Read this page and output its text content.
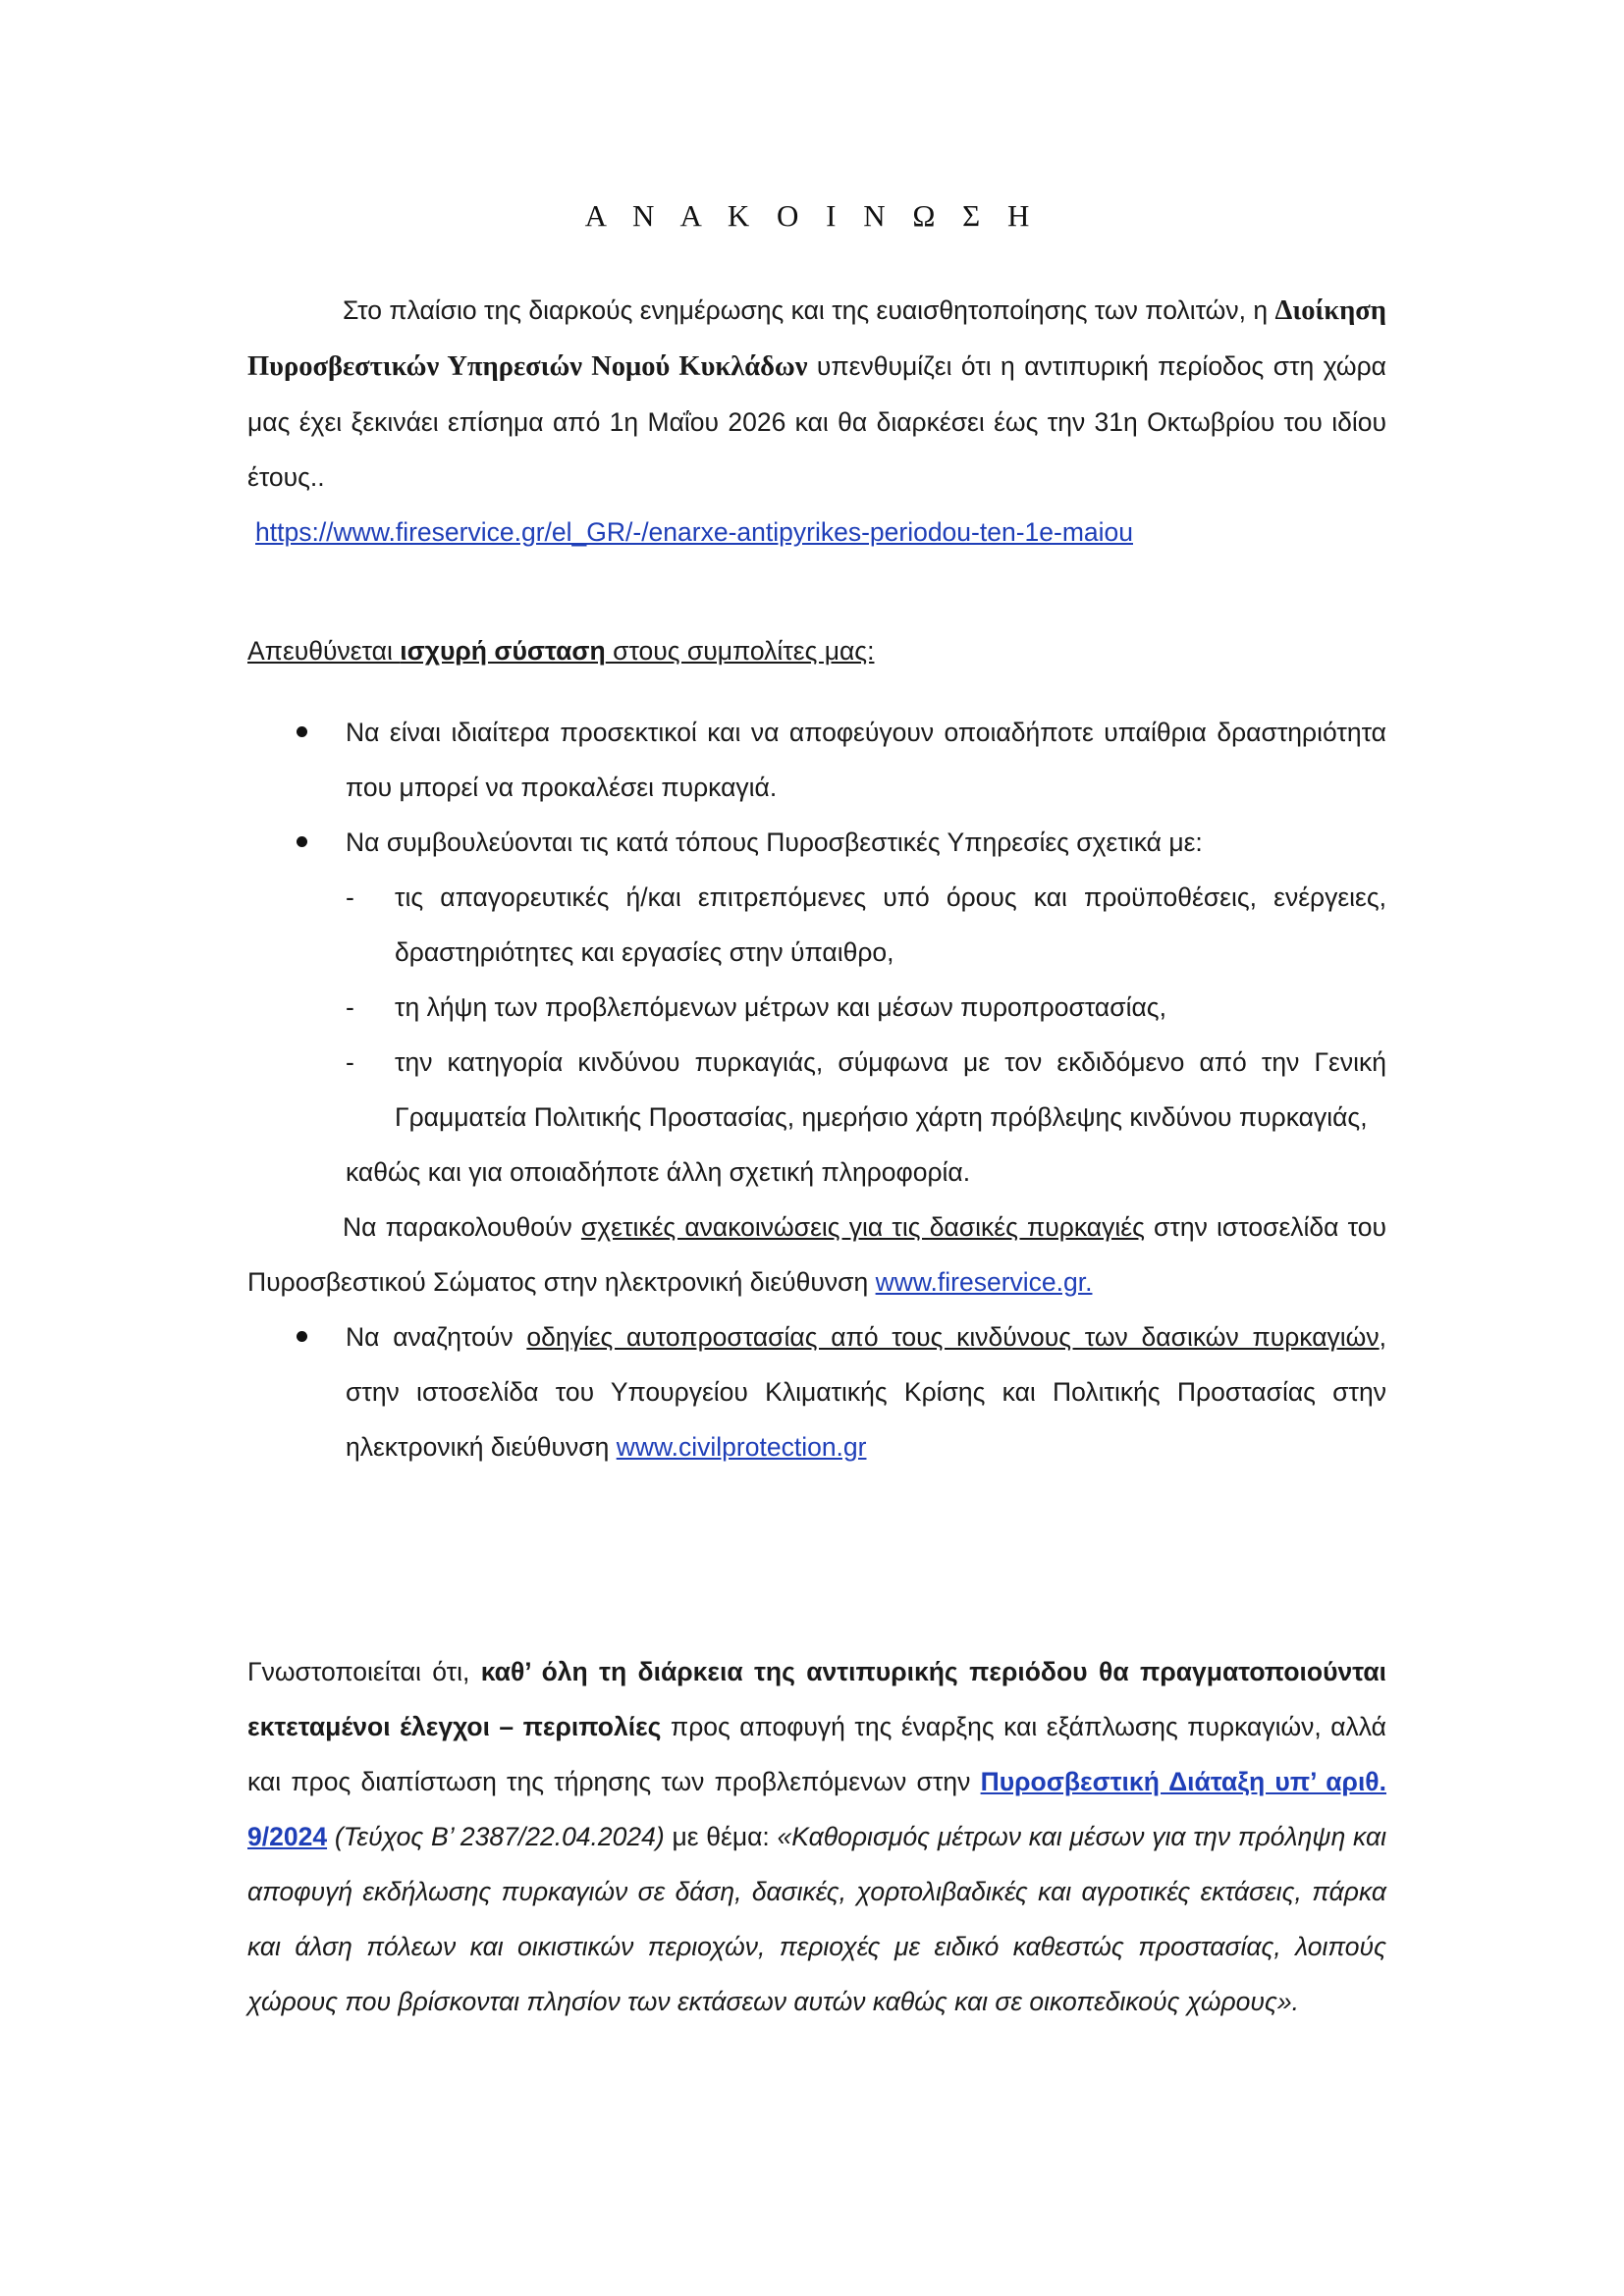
Α Ν Α Κ Ο Ι Ν Ω Σ Η

Στο πλαίσιο της διαρκούς ενημέρωσης και της ευαισθητοποίησης των πολιτών, η Διοίκηση Πυροσβεστικών Υπηρεσιών Νομού Κυκλάδων υπενθυμίζει ότι η αντιπυρική περίοδος στη χώρα μας έχει ξεκινάει επίσημα από 1η Μαΐου 2026 και θα διαρκέσει έως την 31η Οκτωβρίου του ιδίου έτους..

https://www.fireservice.gr/el_GR/-/enarxe-antipyrikes-periodou-ten-1e-maiou
Απευθύνεται ισχυρή σύσταση στους συμπολίτες μας:
Να είναι ιδιαίτερα προσεκτικοί και να αποφεύγουν οποιαδήποτε υπαίθρια δραστηριότητα που μπορεί να προκαλέσει πυρκαγιά.
Να συμβουλεύονται τις κατά τόπους Πυροσβεστικές Υπηρεσίες σχετικά με:
- τις απαγορευτικές ή/και επιτρεπόμενες υπό όρους και προϋποθέσεις, ενέργειες, δραστηριότητες και εργασίες στην ύπαιθρο,
- τη λήψη των προβλεπόμενων μέτρων και μέσων πυροπροστασίας,
- την κατηγορία κινδύνου πυρκαγιάς, σύμφωνα με τον εκδιδόμενο από την Γενική Γραμματεία Πολιτικής Προστασίας, ημερήσιο χάρτη πρόβλεψης κινδύνου πυρκαγιάς,
καθώς και για οποιαδήποτε άλλη σχετική πληροφορία.

Να παρακολουθούν σχετικές ανακοινώσεις για τις δασικές πυρκαγιές στην ιστοσελίδα του Πυροσβεστικού Σώματος στην ηλεκτρονική διεύθυνση www.fireservice.gr.

Να αναζητούν οδηγίες αυτοπροστασίας από τους κινδύνους των δασικών πυρκαγιών, στην ιστοσελίδα του Υπουργείου Κλιματικής Κρίσης και Πολιτικής Προστασίας στην ηλεκτρονική διεύθυνση www.civilprotection.gr

Γνωστοποιείται ότι, καθ’ όλη τη διάρκεια της αντιπυρικής περιόδου θα πραγματοποιούνται εκτεταμένοι έλεγχοι – περιπολίες προς αποφυγή της έναρξης και εξάπλωσης πυρκαγιών, αλλά και προς διαπίστωση της τήρησης των προβλεπόμενων στην Πυροσβεστική Διάταξη υπ’ αριθ. 9/2024 (Τεύχος Β’ 2387/22.04.2024) με θέμα: «Καθορισμός μέτρων και μέσων για την πρόληψη και αποφυγή εκδήλωσης πυρκαγιών σε δάση, δασικές, χορτολιβαδικές και αγροτικές εκτάσεις, πάρκα και άλση πόλεων και οικιστικών περιοχών, περιοχές με ειδικό καθεστώς προστασίας, λοιπούς χώρους που βρίσκονται πλησίον των εκτάσεων αυτών καθώς και σε οικοπεδικούς χώρους».
